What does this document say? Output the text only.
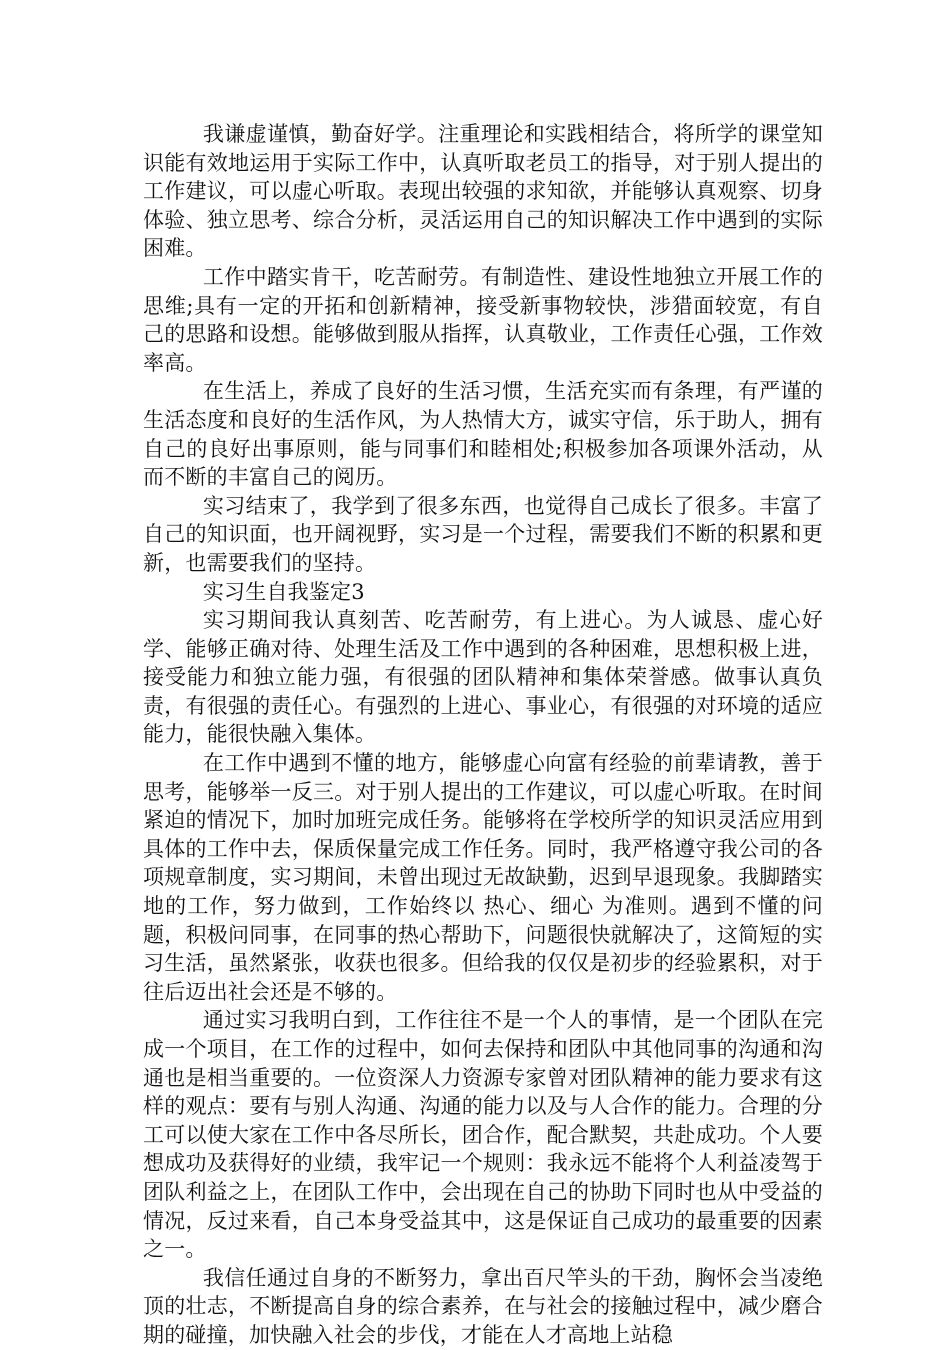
我谦虚谨慎，勤奋好学。注重理论和实践相结合，将所学的课堂知识能有效地运用于实际工作中，认真听取老员工的指导，对于别人提出的工作建议，可以虚心听取。表现出较强的求知欲，并能够认真观察、切身体验、独立思考、综合分析，灵活运用自己的知识解决工作中遇到的实际困难。

工作中踏实肯干，吃苦耐劳。有制造性、建设性地独立开展工作的思维;具有一定的开拓和创新精神，接受新事物较快，涉猎面较宽，有自己的思路和设想。能够做到服从指挥，认真敬业，工作责任心强，工作效率高。

在生活上，养成了良好的生活习惯，生活充实而有条理，有严谨的生活态度和良好的生活作风，为人热情大方，诚实守信，乐于助人，拥有自己的良好出事原则，能与同事们和睦相处;积极参加各项课外活动，从而不断的丰富自己的阅历。

实习结束了，我学到了很多东西，也觉得自己成长了很多。丰富了自己的知识面，也开阔视野，实习是一个过程，需要我们不断的积累和更新，也需要我们的坚持。

实习生自我鉴定3

实习期间我认真刻苦、吃苦耐劳，有上进心。为人诚恳、虚心好学、能够正确对待、处理生活及工作中遇到的各种困难，思想积极上进，接受能力和独立能力强，有很强的团队精神和集体荣誉感。做事认真负责，有很强的责任心。有强烈的上进心、事业心，有很强的对环境的适应能力，能很快融入集体。

在工作中遇到不懂的地方，能够虚心向富有经验的前辈请教，善于思考，能够举一反三。对于别人提出的工作建议，可以虚心听取。在时间紧迫的情况下，加时加班完成任务。能够将在学校所学的知识灵活应用到具体的工作中去，保质保量完成工作任务。同时，我严格遵守我公司的各项规章制度，实习期间，未曾出现过无故缺勤，迟到早退现象。我脚踏实地的工作，努力做到，工作始终以 热心、细心 为准则。遇到不懂的问题，积极问同事，在同事的热心帮助下，问题很快就解决了，这简短的实习生活，虽然紧张，收获也很多。但给我的仅仅是初步的经验累积，对于往后迈出社会还是不够的。

通过实习我明白到，工作往往不是一个人的事情，是一个团队在完成一个项目，在工作的过程中，如何去保持和团队中其他同事的沟通和沟通也是相当重要的。一位资深人力资源专家曾对团队精神的能力要求有这样的观点：要有与别人沟通、沟通的能力以及与人合作的能力。合理的分工可以使大家在工作中各尽所长，团合作，配合默契，共赴成功。个人要想成功及获得好的业绩，我牢记一个规则：我永远不能将个人利益凌驾于团队利益之上，在团队工作中，会出现在自己的协助下同时也从中受益的情况，反过来看，自己本身受益其中，这是保证自己成功的最重要的因素之一。

我信任通过自身的不断努力，拿出百尺竿头的干劲，胸怀会当凌绝顶的壮志，不断提高自身的综合素养，在与社会的接触过程中，减少磨合期的碰撞，加快融入社会的步伐，才能在人才高地上站稳
